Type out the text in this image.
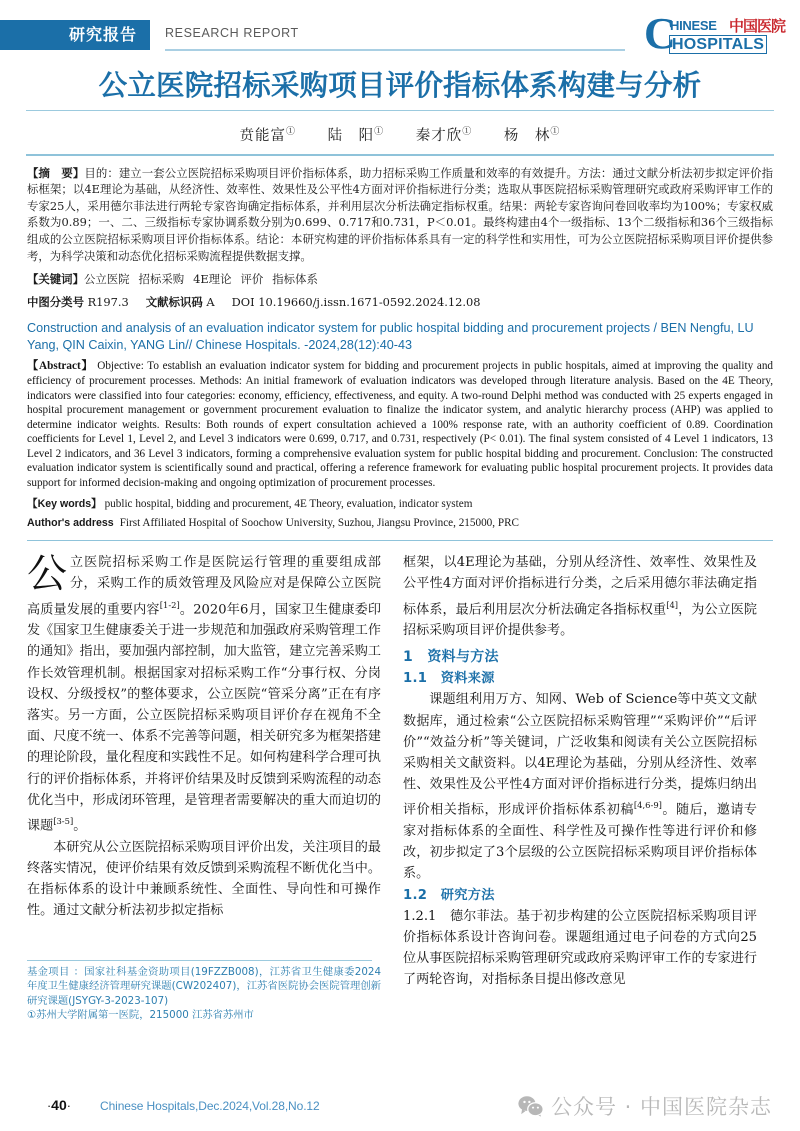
研究报告	RESEARCH REPORT	C
HINESE 中国医院
HOSPITALS
公立医院招标采购项目评价指标体系构建与分析
贲能富① 陆　阳① 秦才欣① 杨　林①
【摘　要】目的：建立一套公立医院招标采购项目评价指标体系，助力招标采购工作质量和效率的有效提升。方法：通过文献分析法初步拟定评价指标框架；以4E理论为基础，从经济性、效率性、效果性及公平性4方面对评价指标进行分类；选取从事医院招标采购管理研究或政府采购评审工作的专家25人，采用德尔菲法进行两轮专家咨询确定指标体系，并利用层次分析法确定指标权重。结果：两轮专家咨询问卷回收率均为100%；专家权威系数为0.89；一、二、三级指标专家协调系数分别为0.699、0.717和0.731，P＜0.01。最终构建由4个一级指标、13个二级指标和36个三级指标组成的公立医院招标采购项目评价指标体系。结论：本研究构建的评价指标体系具有一定的科学性和实用性，可为公立医院招标采购项目评价提供参考，为科学决策和动态优化招标采购流程提供数据支撑。
【关键词】公立医院 招标采购 4E理论 评价 指标体系
中图分类号 R197.3 文献标识码 A DOI 10.19660/j.issn.1671-0592.2024.12.08
Construction and analysis of an evaluation indicator system for public hospital bidding and procurement projects / BEN Nengfu, LU Yang, QIN Caixin, YANG Lin// Chinese Hospitals. -2024,28(12):40-43
【Abstract】 Objective: To establish an evaluation indicator system for bidding and procurement projects in public hospitals, aimed at improving the quality and efficiency of procurement processes. Methods: An initial framework of evaluation indicators was developed through literature analysis. Based on the 4E Theory, indicators were classified into four categories: economy, efficiency, effectiveness, and equity. A two-round Delphi method was conducted with 25 experts engaged in hospital procurement management or government procurement evaluation to finalize the indicator system, and analytic hierarchy process (AHP) was applied to determine indicator weights. Results: Both rounds of expert consultation achieved a 100% response rate, with an authority coefficient of 0.89. Coordination coefficients for Level 1, Level 2, and Level 3 indicators were 0.699, 0.717, and 0.731, respectively (P< 0.01). The final system consisted of 4 Level 1 indicators, 13 Level 2 indicators, and 36 Level 3 indicators, forming a comprehensive evaluation system for public hospital bidding and procurement. Conclusion: The constructed evaluation indicator system is scientifically sound and practical, offering a reference framework for evaluating public hospital procurement projects. It provides data support for informed decision-making and ongoing optimization of procurement processes.
【Key words】 public hospital, bidding and procurement, 4E Theory, evaluation, indicator system
Author's address First Affiliated Hospital of Soochow University, Suzhou, Jiangsu Province, 215000, PRC

公立医院招标采购工作是医院运行管理的重要组成部分，采购工作的质效管理及风险应对是保障公立医院高质量发展的重要内容[1-2]。2020年6月，国家卫生健康委印发《国家卫生健康委关于进一步规范和加强政府采购管理工作的通知》指出，要加强内部控制，加大监管，建立完善采购工作长效管理机制。根据国家对招标采购工作“分事行权、分岗设权、分级授权”的整体要求，公立医院“管采分离”正在有序落实。另一方面，公立医院招标采购项目评价存在视角不全面、尺度不统一、体系不完善等问题，相关研究多为框架搭建的理论阶段，量化程度和实践性不足。如何构建科学合理可执行的评价指标体系，并将评价结果及时反馈到采购流程的动态优化当中，形成闭环管理，是管理者需要解决的重大而迫切的课题[3-5]。

本研究从公立医院招标采购项目评价出发，关注项目的最终落实情况，使评价结果有效反馈到采购流程不断优化当中。在指标体系的设计中兼顾系统性、全面性、导向性和可操作性。通过文献分析法初步拟定指标

基金项目 ：国家社科基金资助项目(19FZZB008)，江苏省卫生健康委2024年度卫生健康经济管理研究课题(CW202407)，江苏省医院协会医院管理创新研究课题(JSYGY-3-2023-107)
①苏州大学附属第一医院，215000 江苏省苏州市

框架，以4E理论为基础，分别从经济性、效率性、效果性及公平性4方面对评价指标进行分类，之后采用德尔菲法确定指标体系，最后利用层次分析法确定各指标权重[4]，为公立医院招标采购项目评价提供参考。

1　资料与方法
1.1　资料来源

课题组利用万方、知网、Web of Science等中英文文献数据库，通过检索“公立医院招标采购管理”“采购评价”“后评价”“效益分析”等关键词，广泛收集和阅读有关公立医院招标采购相关文献资料。以4E理论为基础，分别从经济性、效率性、效果性及公平性4方面对评价指标进行分类，提炼归纳出评价相关指标，形成评价指标体系初稿[4,6-9]。随后，邀请专家对指标体系的全面性、科学性及可操作性等进行评价和修改，初步拟定了3个层级的公立医院招标采购项目评价指标体系。

1.2　研究方法

1.2.1　德尔菲法。基于初步构建的公立医院招标采购项目评价指标体系设计咨询问卷。课题组通过电子问卷的方式向25位从事医院招标采购管理研究或政府采购评审工作的专家进行了两轮咨询，对指标条目提出修改意见

·40· Chinese Hospitals,Dec.2024,Vol.28,No.12	公众号 · 中国医院杂志
